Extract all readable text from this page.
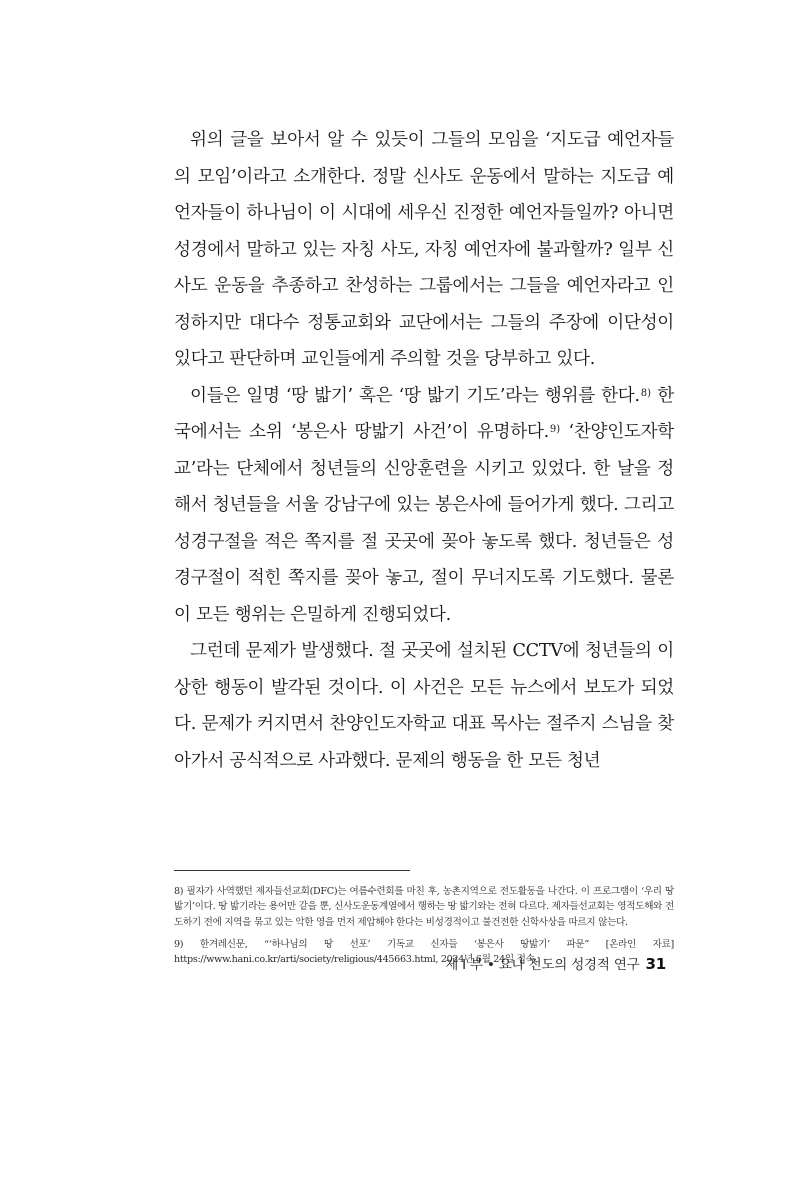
위의 글을 보아서 알 수 있듯이 그들의 모임을 ‘지도급 예언자들의 모임’이라고 소개한다. 정말 신사도 운동에서 말하는 지도급 예언자들이 하나님이 이 시대에 세우신 진정한 예언자들일까? 아니면 성경에서 말하고 있는 자칭 사도, 자칭 예언자에 불과할까? 일부 신사도 운동을 추종하고 찬성하는 그룹에서는 그들을 예언자라고 인정하지만 대다수 정통교회와 교단에서는 그들의 주장에 이단성이 있다고 판단하며 교인들에게 주의할 것을 당부하고 있다.

이들은 일명 ‘땅 밟기’ 혹은 ‘땅 밟기 기도’라는 행위를 한다.$^{8)}$ 한국에서는 소위 ‘봉은사 땅밟기 사건’이 유명하다.$^{9)}$ ‘찬양인도자학교’라는 단체에서 청년들의 신앙훈련을 시키고 있었다. 한 날을 정해서 청년들을 서울 강남구에 있는 봉은사에 들어가게 했다. 그리고 성경구절을 적은 쪽지를 절 곳곳에 꽂아 놓도록 했다. 청년들은 성경구절이 적힌 쪽지를 꽂아 놓고, 절이 무너지도록 기도했다. 물론 이 모든 행위는 은밀하게 진행되었다.

그런데 문제가 발생했다. 절 곳곳에 설치된 CCTV에 청년들의 이상한 행동이 발각된 것이다. 이 사건은 모든 뉴스에서 보도가 되었다. 문제가 커지면서 찬양인도자학교 대표 목사는 절주지 스님을 찾아가서 공식적으로 사과했다. 문제의 행동을 한 모든 청년

8) 필자가 사역했던 제자들선교회(DFC)는 여름수련회를 마친 후, 농촌지역으로 전도활동을 나간다. 이 프로그램이 ‘우리 땅 밟기’이다. 땅 밟기라는 용어만 같을 뿐, 신사도운동계열에서 행하는 땅 밟기와는 전혀 다르다. 제자들선교회는 영적도해와 전도하기 전에 지역을 묶고 있는 악한 영을 먼저 제압해야 한다는 비성경적이고 불건전한 신학사상을 따르지 않는다.

9) 한겨레신문, “‘하나님의 땅 선포’ 기독교 신자들 ‘봉은사 땅밟기’ 파문” [온라인 자료] https://www.hani.co.kr/arti/society/religious/445663.html, 2024년 6월 24일 접속.

제 I 부 • 요나 전도의 성경적 연구 31
